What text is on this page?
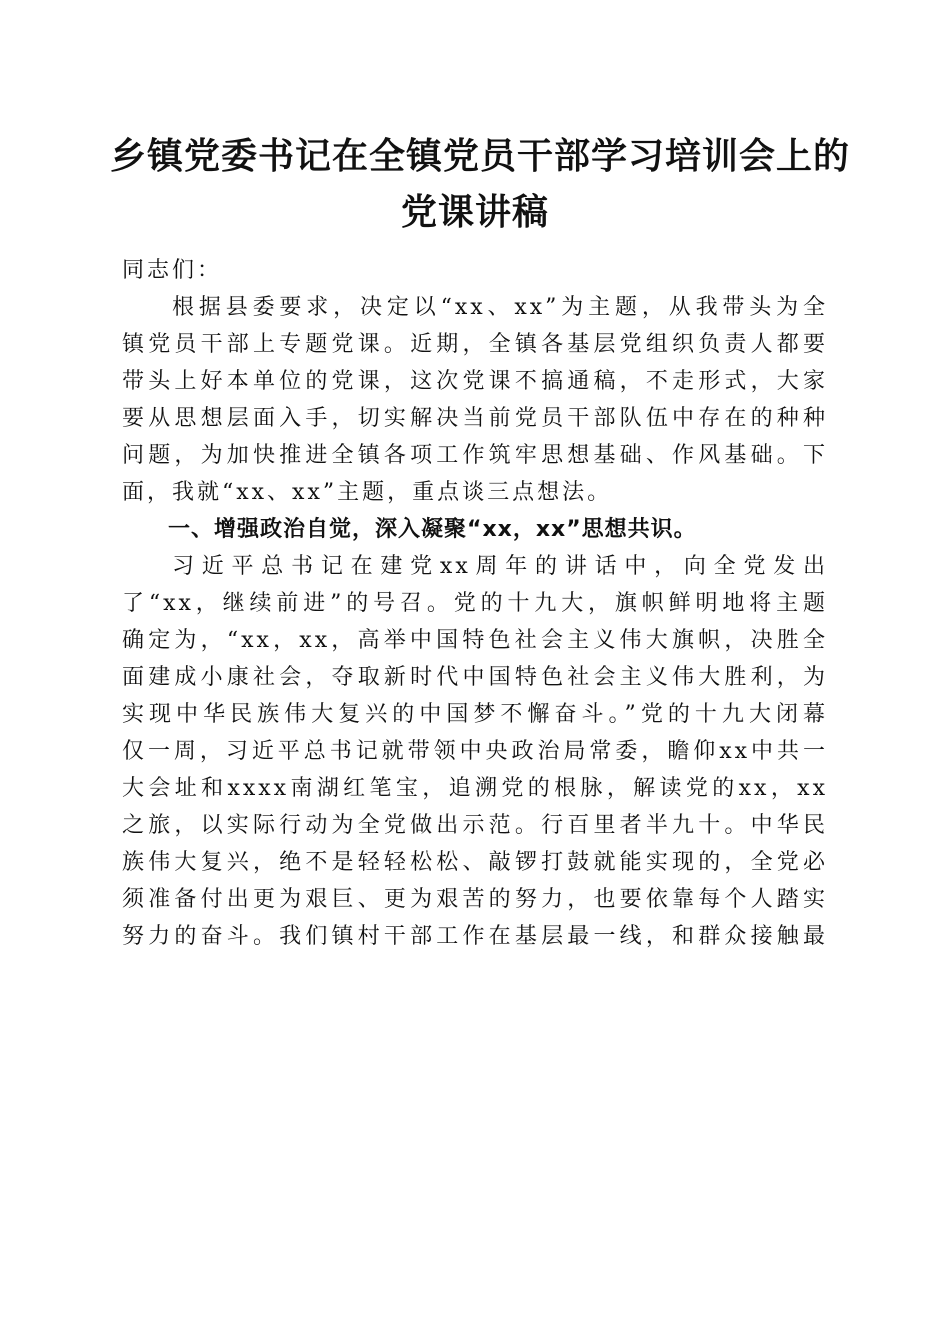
乡镇党委书记在全镇党员干部学习培训会上的
党课讲稿

同志们：

根据县委要求，决定以“xx、xx”为主题，从我带头为全
镇党员干部上专题党课。近期，全镇各基层党组织负责人都要
带头上好本单位的党课，这次党课不搞通稿，不走形式，大家
要从思想层面入手，切实解决当前党员干部队伍中存在的种种
问题，为加快推进全镇各项工作筑牢思想基础、作风基础。下
面，我就“xx、xx”主题，重点谈三点想法。

一、增强政治自觉，深入凝聚“xx，xx”思想共识。

习近平总书记在建党xx周年的讲话中，向全党发出
了“xx，继续前进”的号召。党的十九大，旗帜鲜明地将主题
确定为，“xx，xx，高举中国特色社会主义伟大旗帜，决胜全
面建成小康社会，夺取新时代中国特色社会主义伟大胜利，为
实现中华民族伟大复兴的中国梦不懈奋斗。”党的十九大闭幕
仅一周，习近平总书记就带领中央政治局常委，瞻仰xx中共一
大会址和xxxx南湖红笔宝，追溯党的根脉，解读党的xx，xx
之旅，以实际行动为全党做出示范。行百里者半九十。中华民
族伟大复兴，绝不是轻轻松松、敲锣打鼓就能实现的，全党必
须准备付出更为艰巨、更为艰苦的努力，也要依靠每个人踏实
努力的奋斗。我们镇村干部工作在基层最一线，和群众接触最
